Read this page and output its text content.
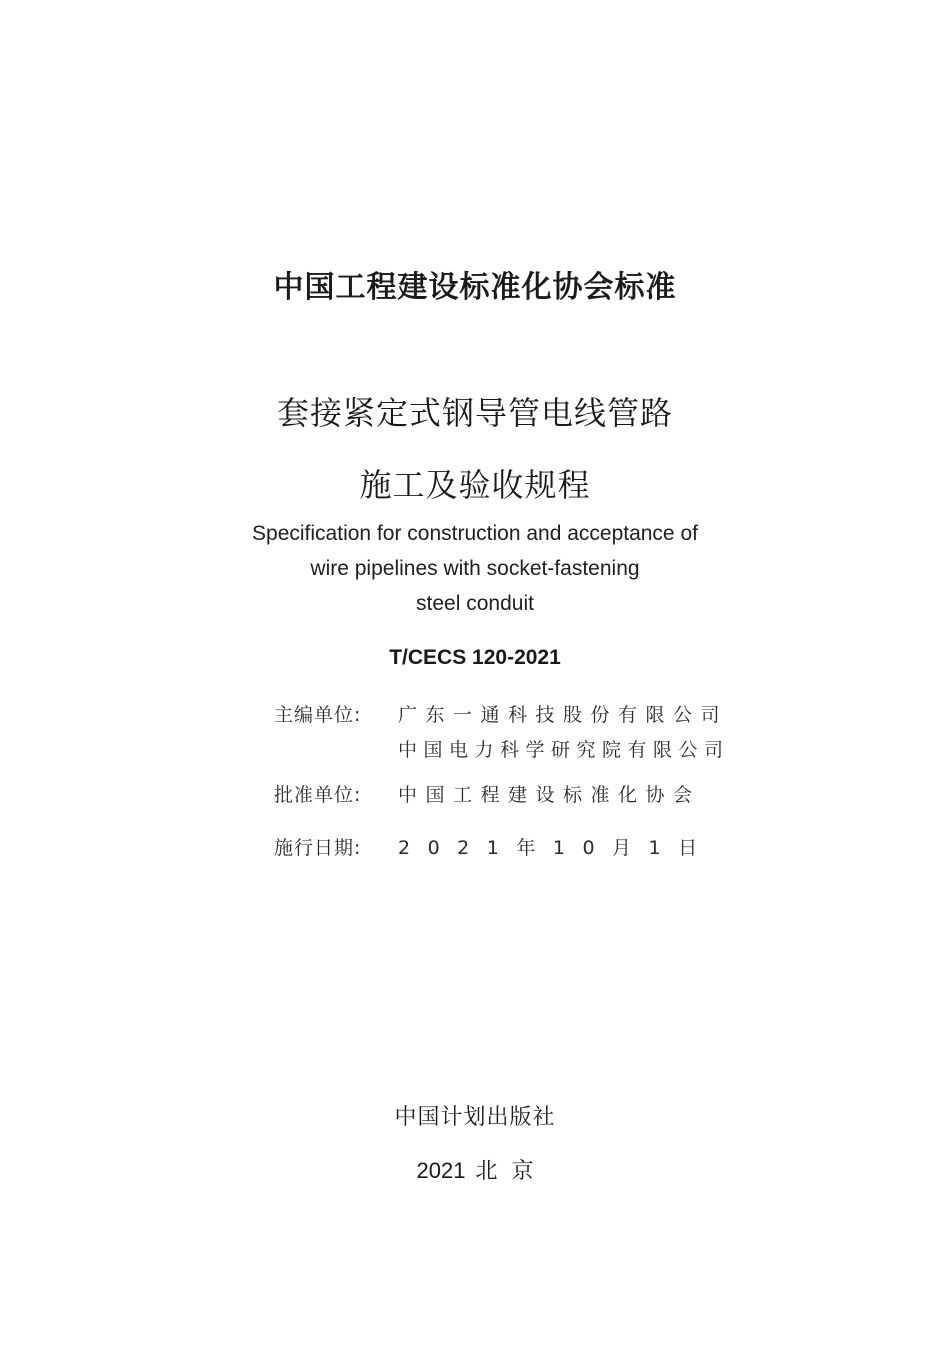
中国工程建设标准化协会标准
套接紧定式钢导管电线管路
施工及验收规程
Specification for construction and acceptance of
wire pipelines with socket-fastening
steel conduit
T/CECS 120-2021
主编单位: 广东一通科技股份有限公司
中国电力科学研究院有限公司
批准单位: 中国工程建设标准化协会
施行日期: 2021年10月1日
中国计划出版社
2021 北 京
